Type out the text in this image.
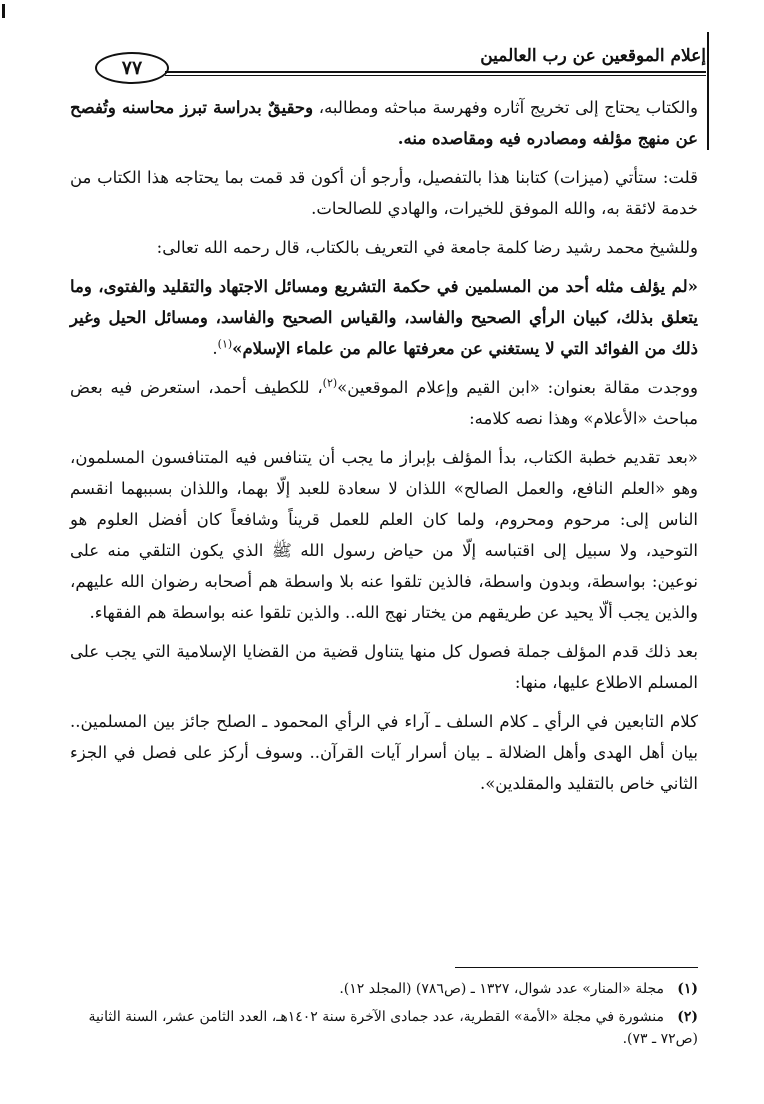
إعلام الموقعين عن رب العالمين
٧٧

والكتاب يحتاج إلى تخريج آثاره وفهرسة مباحثه ومطالبه، وحقيقٌ بدراسة تبرز محاسنه وتُفصح عن منهج مؤلفه ومصادره فيه ومقاصده منه.

قلت: ستأتي (ميزات) كتابنا هذا بالتفصيل، وأرجو أن أكون قد قمت بما يحتاجه هذا الكتاب من خدمة لائقة به، والله الموفق للخيرات، والهادي للصالحات.

وللشيخ محمد رشيد رضا كلمة جامعة في التعريف بالكتاب، قال رحمه الله تعالى:

«لم يؤلف مثله أحد من المسلمين في حكمة التشريع ومسائل الاجتهاد والتقليد والفتوى، وما يتعلق بذلك، كبيان الرأي الصحيح والفاسد، والقياس الصحيح والفاسد، ومسائل الحيل وغير ذلك من الفوائد التي لا يستغني عن معرفتها عالم من علماء الإسلام»$^{(١)}$.

ووجدت مقالة بعنوان: «ابن القيم وإعلام الموقعين»$^{(٢)}$، للكطيف أحمد، استعرض فيه بعض مباحث «الأعلام» وهذا نصه كلامه:

«بعد تقديم خطبة الكتاب، بدأ المؤلف بإبراز ما يجب أن يتنافس فيه المتنافسون المسلمون، وهو «العلم النافع، والعمل الصالح» اللذان لا سعادة للعبد إلّا بهما، واللذان بسببهما انقسم الناس إلى: مرحوم ومحروم، ولما كان العلم للعمل قريناً وشافعاً كان أفضل العلوم هو التوحيد، ولا سبيل إلى اقتباسه إلّا من حياض رسول الله ﷺ الذي يكون التلقي منه على نوعين: بواسطة، وبدون واسطة، فالذين تلقوا عنه بلا واسطة هم أصحابه رضوان الله عليهم، والذين يجب ألّا يحيد عن طريقهم من يختار نهج الله.. والذين تلقوا عنه بواسطة هم الفقهاء.

بعد ذلك قدم المؤلف جملة فصول كل منها يتناول قضية من القضايا الإسلامية التي يجب على المسلم الاطلاع عليها، منها:

كلام التابعين في الرأي ـ كلام السلف ـ آراء في الرأي المحمود ـ الصلح جائز بين المسلمين.. بيان أهل الهدى وأهل الضلالة ـ بيان أسرار آيات القرآن.. وسوف أركز على فصل في الجزء الثاني خاص بالتقليد والمقلدين».

(١)مجلة «المنار» عدد شوال، ١٣٢٧ ـ (ص٧٨٦) (المجلد ١٢).

(٢)منشورة في مجلة «الأمة» القطرية، عدد جمادى الآخرة سنة ١٤٠٢هـ، العدد الثامن عشر، السنة الثانية (ص٧٢ ـ ٧٣).
